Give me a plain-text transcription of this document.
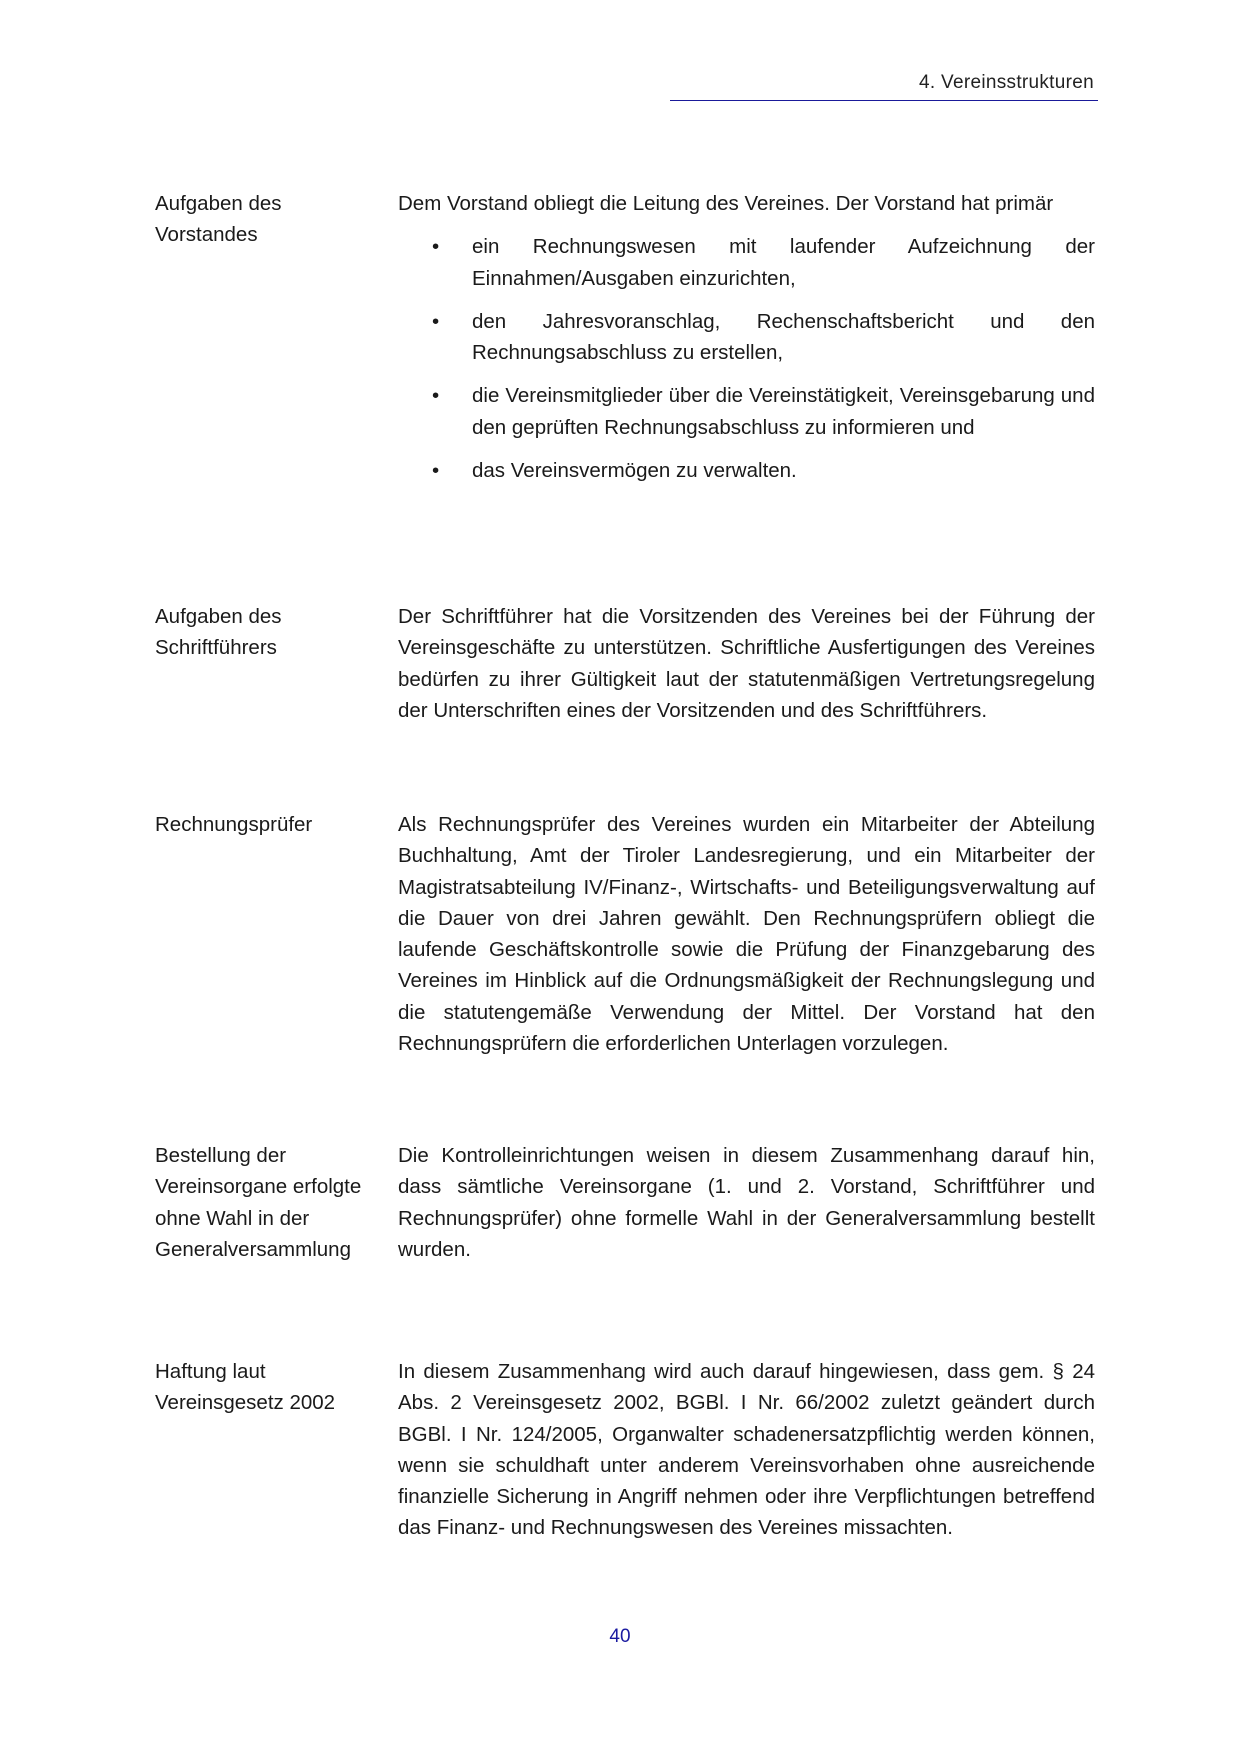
4. Vereinsstrukturen
Aufgaben des Vorstandes

Dem Vorstand obliegt die Leitung des Vereines. Der Vorstand hat primär

• ein Rechnungswesen mit laufender Aufzeichnung der Einnahmen/Ausgaben einzurichten,
• den Jahresvoranschlag, Rechenschaftsbericht und den Rechnungsabschluss zu erstellen,
• die Vereinsmitglieder über die Vereinstätigkeit, Vereinsgebarung und den geprüften Rechnungsabschluss zu informieren und
• das Vereinsvermögen zu verwalten.
Aufgaben des Schriftführers
Der Schriftführer hat die Vorsitzenden des Vereines bei der Führung der Vereinsgeschäfte zu unterstützen. Schriftliche Ausfertigungen des Vereines bedürfen zu ihrer Gültigkeit laut der statutenmäßigen Vertretungsregelung der Unterschriften eines der Vorsitzenden und des Schriftführers.
Rechnungsprüfer	Als Rechnungsprüfer des Vereines wurden ein Mitarbeiter der Abteilung Buchhaltung, Amt der Tiroler Landesregierung, und ein Mitarbeiter der Magistratsabteilung IV/Finanz-, Wirtschafts- und Beteiligungsverwaltung auf die Dauer von drei Jahren gewählt. Den Rechnungsprüfern obliegt die laufende Geschäftskontrolle sowie die Prüfung der Finanzgebarung des Vereines im Hinblick auf die Ordnungsmäßigkeit der Rechnungslegung und die statutengemäße Verwendung der Mittel. Der Vorstand hat den Rechnungsprüfern die erforderlichen Unterlagen vorzulegen.
Bestellung der Vereinsorgane erfolgte ohne Wahl in der Generalversammlung
Die Kontrolleinrichtungen weisen in diesem Zusammenhang darauf hin, dass sämtliche Vereinsorgane (1. und 2. Vorstand, Schriftführer und Rechnungsprüfer) ohne formelle Wahl in der Generalversammlung bestellt wurden.
Haftung laut Vereinsgesetz 2002
In diesem Zusammenhang wird auch darauf hingewiesen, dass gem. § 24 Abs. 2 Vereinsgesetz 2002, BGBl. I Nr. 66/2002 zuletzt geändert durch BGBl. I Nr. 124/2005, Organwalter schadenersatzpflichtig werden können, wenn sie schuldhaft unter anderem Vereinsvorhaben ohne ausreichende finanzielle Sicherung in Angriff nehmen oder ihre Verpflichtungen betreffend das Finanz- und Rechnungswesen des Vereines missachten.
40
